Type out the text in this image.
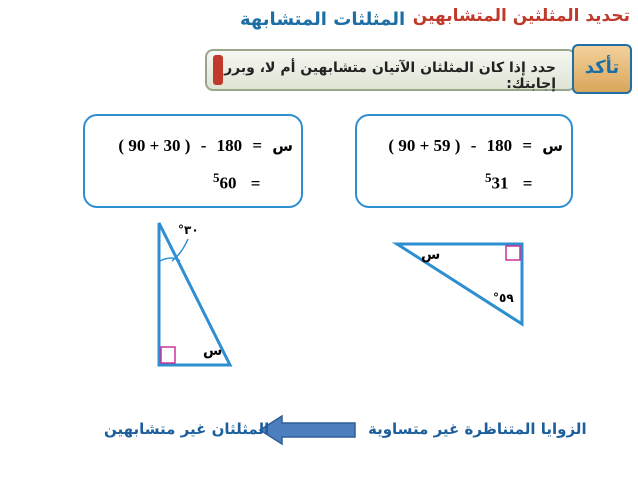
المثلثات المتشابهة تحديد المثلثين المتشابهين
حدد إذا كان المثلثان الآتيان متشابهين أم لا، وبرر إجابتك:
تأكد
( 90 + 30 ) - 180 = س
$^5$60 =
( 90 + 59 ) - 180 = س
$^5$31 =
°٣٠
س
س
°٥٩
الزوايا المتناظرة غير متساوية
المثلثان غير متشابهين
